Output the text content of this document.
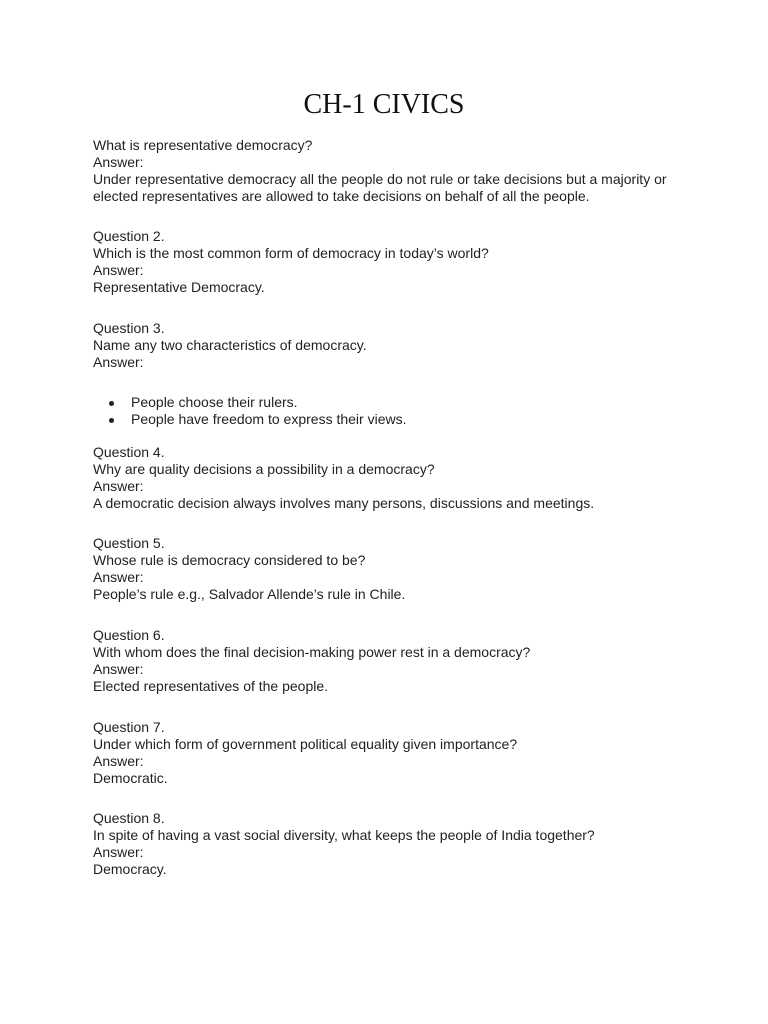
CH-1 CIVICS

What is representative democracy?

Answer:

Under representative democracy all the people do not rule or take decisions but a majority or elected representatives are allowed to take decisions on behalf of all the people.

Question 2.

Which is the most common form of democracy in today’s world?

Answer:

Representative Democracy.

Question 3.

Name any two characteristics of democracy.

Answer:

People choose their rulers.
People have freedom to express their views.

Question 4.

Why are quality decisions a possibility in a democracy?

Answer:

A democratic decision always involves many persons, discussions and meetings.

Question 5.

Whose rule is democracy considered to be?

Answer:

People’s rule e.g., Salvador Allende’s rule in Chile.

Question 6.

With whom does the final decision-making power rest in a democracy?

Answer:

Elected representatives of the people.

Question 7.

Under which form of government political equality given importance?

Answer:

Democratic.

Question 8.

In spite of having a vast social diversity, what keeps the people of India together?

Answer:

Democracy.
